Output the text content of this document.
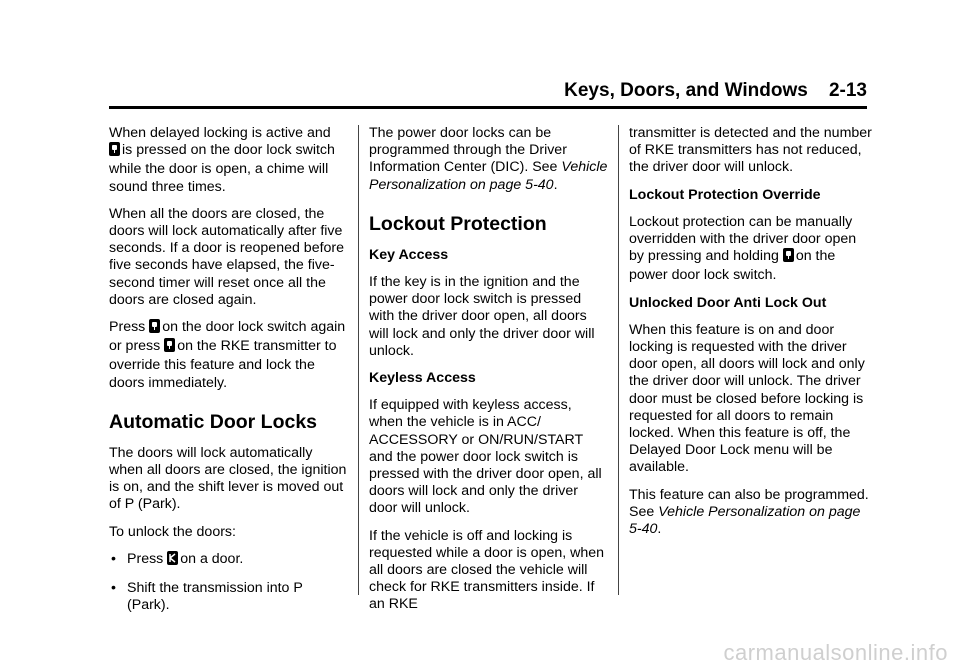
Keys, Doors, and Windows 2-13

When delayed locking is active and is pressed on the door lock switch while the door is open, a chime will sound three times.

When all the doors are closed, the doors will lock automatically after five seconds. If a door is reopened before five seconds have elapsed, the five-second timer will reset once all the doors are closed again.

Press on the door lock switch again or press on the RKE transmitter to override this feature and lock the doors immediately.

Automatic Door Locks

The doors will lock automatically when all doors are closed, the ignition is on, and the shift lever is moved out of P (Park).

To unlock the doors:

• Press on a door.
• Shift the transmission into P (Park).

The power door locks can be programmed through the Driver Information Center (DIC). See Vehicle Personalization on page 5-40.

Lockout Protection

Key Access

If the key is in the ignition and the power door lock switch is pressed with the driver door open, all doors will lock and only the driver door will unlock.

Keyless Access

If equipped with keyless access, when the vehicle is in ACC/ ACCESSORY or ON/RUN/START and the power door lock switch is pressed with the driver door open, all doors will lock and only the driver door will unlock.

If the vehicle is off and locking is requested while a door is open, when all doors are closed the vehicle will check for RKE transmitters inside. If an RKE

transmitter is detected and the number of RKE transmitters has not reduced, the driver door will unlock.

Lockout Protection Override

Lockout protection can be manually overridden with the driver door open by pressing and holding on the power door lock switch.

Unlocked Door Anti Lock Out

When this feature is on and door locking is requested with the driver door open, all doors will lock and only the driver door will unlock. The driver door must be closed before locking is requested for all doors to remain locked. When this feature is off, the Delayed Door Lock menu will be available.

This feature can also be programmed. See Vehicle Personalization on page 5-40.

carmanualsonline.info
